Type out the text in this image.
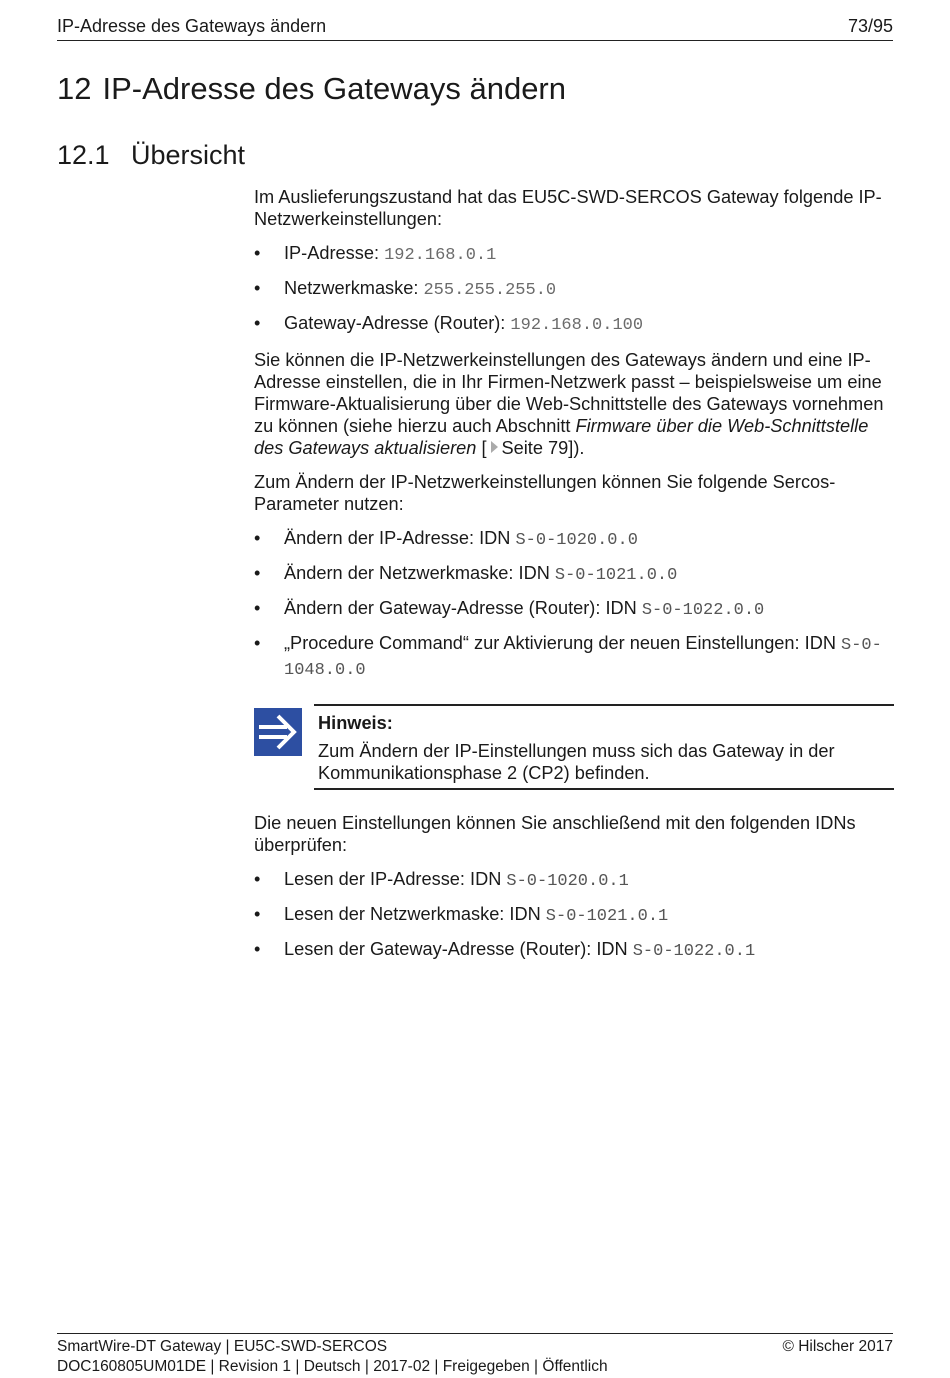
IP-Adresse des Gateways ändern	73/95
12 IP-Adresse des Gateways ändern
12.1 Übersicht

Im Auslieferungszustand hat das EU5C-SWD-SERCOS Gateway folgende IP-Netzwerkeinstellungen:

• IP-Adresse: 192.168.0.1
• Netzwerkmaske: 255.255.255.0
• Gateway-Adresse (Router): 192.168.0.100

Sie können die IP-Netzwerkeinstellungen des Gateways ändern und eine IP-Adresse einstellen, die in Ihr Firmen-Netzwerk passt – beispielsweise um eine Firmware-Aktualisierung über die Web-Schnittstelle des Gateways vornehmen zu können (siehe hierzu auch Abschnitt Firmware über die Web-Schnittstelle des Gateways aktualisieren [ Seite 79]).

Zum Ändern der IP-Netzwerkeinstellungen können Sie folgende Sercos-Parameter nutzen:

• Ändern der IP-Adresse: IDN S-0-1020.0.0
• Ändern der Netzwerkmaske: IDN S-0-1021.0.0
• Ändern der Gateway-Adresse (Router): IDN S-0-1022.0.0
• „Procedure Command“ zur Aktivierung der neuen Einstellungen: IDN S-0-1048.0.0
Hinweis:
Zum Ändern der IP-Einstellungen muss sich das Gateway in der Kommunikationsphase 2 (CP2) befinden.

Die neuen Einstellungen können Sie anschließend mit den folgenden IDNs überprüfen:

• Lesen der IP-Adresse: IDN S-0-1020.0.1
• Lesen der Netzwerkmaske: IDN S-0-1021.0.1
• Lesen der Gateway-Adresse (Router): IDN S-0-1022.0.1
SmartWire-DT Gateway | EU5C-SWD-SERCOS
DOC160805UM01DE | Revision 1 | Deutsch | 2017-02 | Freigegeben | Öffentlich
© Hilscher 2017
